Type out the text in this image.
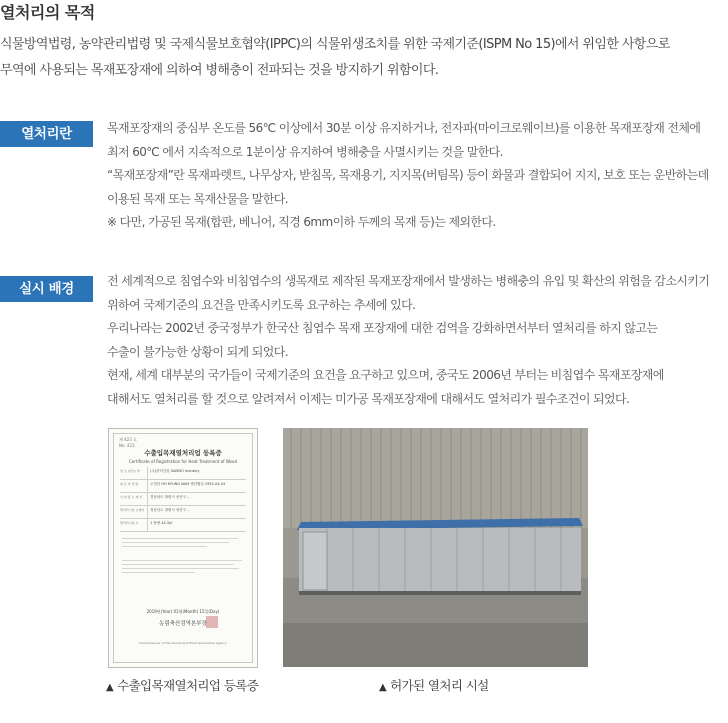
열처리의 목적

식물방역법령, 농약관리법령 및 국제식물보호협약(IPPC)의 식물위생조치를 위한 국제기준(ISPM No 15)에서 위임한 사항으로

무역에 사용되는 목재포장재에 의하여 병해충이 전파되는 것을 방지하기 위함이다.

열처리란	목재포장재의 중심부 온도를 56℃ 이상에서 30분 이상 유지하거나, 전자파(마이크로웨이브)를 이용한 목재포장재 전체에

최저 60℃ 에서 지속적으로 1분이상 유지하여 병해충을 사멸시키는 것을 말한다.

“목재포장재”란 목재파렛트, 나무상자, 받침목, 목재용기, 지지목(버팀목) 등이 화물과 결합되어 지지, 보호 또는 운반하는데

이용된 목재 또는 목재산물을 말한다.

※ 다만, 가공된 목재(합판, 베니어, 직경 6mm이하 두께의 목재 등)는 제외한다.

실시 배경	전 세계적으로 침엽수와 비침엽수의 생목재로 제작된 목재포장재에서 발생하는 병해충의 유입 및 확산의 위험을 감소시키기

위하여 국제기준의 요건을 만족시키도록 요구하는 추세에 있다.

우리나라는 2002년 중국정부가 한국산 침엽수 목재 포장재에 대한 검역을 강화하면서부터 열처리를 하지 않고는

수출이 불가능한 상황이 되게 되었다.

현재, 세계 대부분의 국가들이 국제기준의 요건을 요구하고 있으며, 중국도 2006년 부터는 비침엽수 목재포장재에

대해서도 열처리를 할 것으로 알려져서 이제는 미가공 목재포장재에 대해서도 열처리가 필수조건이 되었다.

제 423 호
No. 423
수출입목재열처리업 등록증
Certificate of Registration for Heat Treatment of Wood
업 소 (상호) 명	(주)삼미산업 SAMDO Industry
대 표 자 성 명	오경남 OH KYUNG NAM 생년월일 1955-04-04
사 업 장 소 재 지	경상남도 창원시 성산구 ...
열처리시설 소재지	경상남도 창원시 성산구 ...
열처리시설 수	1 용량 44.3㎥
2019년(Year) 01월(Month) 15일(Day)
농림축산검역본부장
Commissioner of the Animal and Plant Quarantine Agency
▲ 수출입목재열처리업 등록증	▲ 허가된 열처리 시설
